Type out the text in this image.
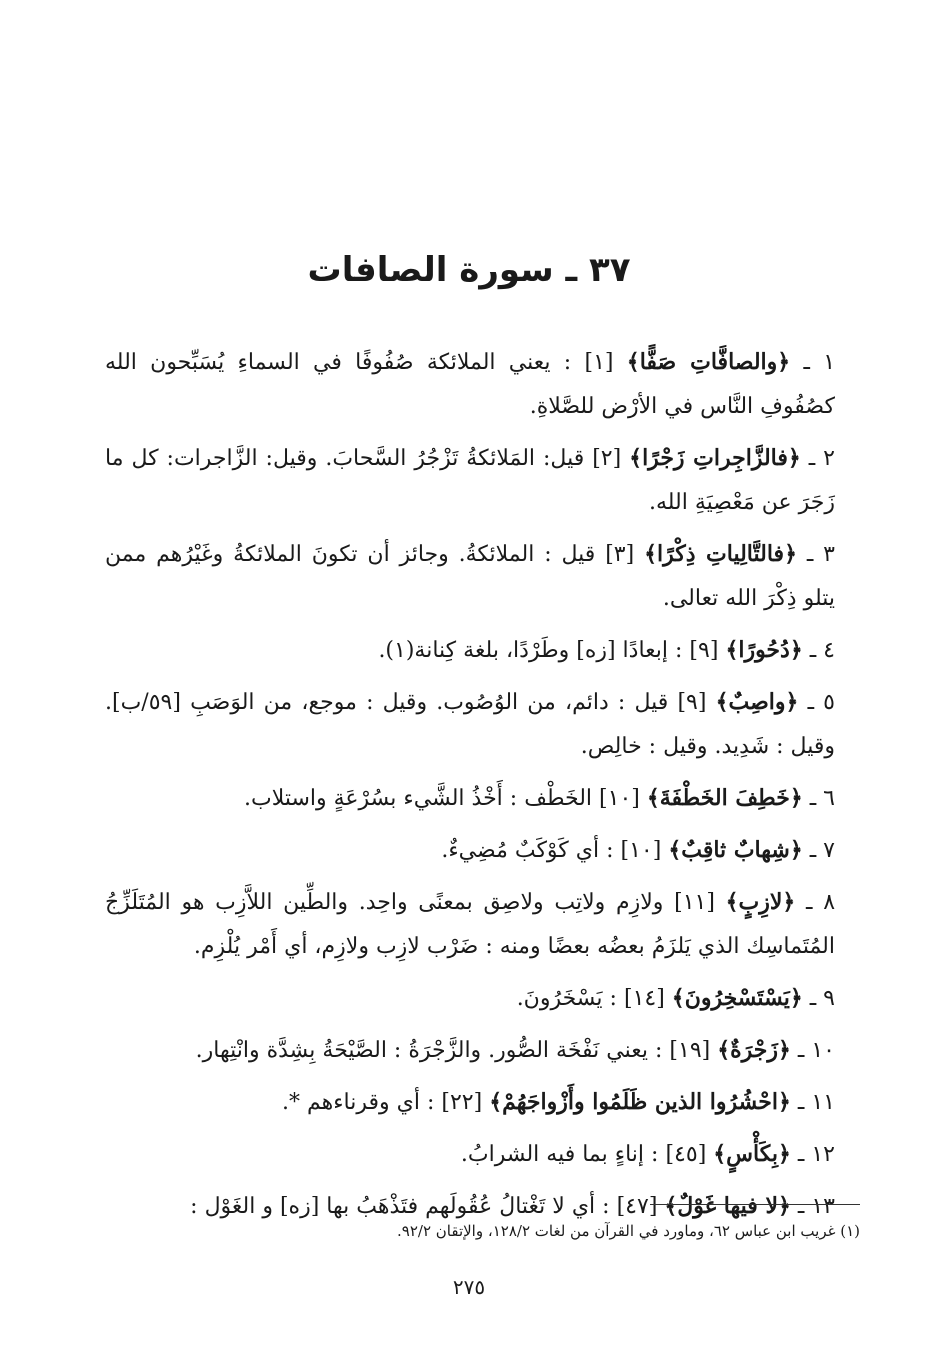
٣٧ ـ سورة الصافات

١ ـ ﴿والصافَّاتِ صَفًّا﴾ [١] : يعني الملائكة صُفُوفًا في السماءِ يُسَبِّحون الله كصُفُوفِ النَّاس في الأرْض للصَّلاةِ.

٢ ـ ﴿فالزَّاجِراتِ زَجْرًا﴾ [٢] قيل: المَلائكةُ تَزْجُرُ السَّحابَ. وقيل: الزَّاجرات: كل ما زَجَرَ عن مَعْصِيَةِ الله.

٣ ـ ﴿فالتَّالِياتِ ذِكْرًا﴾ [٣] قيل : الملائكةُ. وجائز أن تكونَ الملائكةُ وغَيْرُهم ممن يتلو ذِكْرَ الله تعالى.

٤ ـ ﴿دُحُورًا﴾ [٩] : إبعادًا [زه] وطَرْدًا، بلغة كِنانة(١).

٥ ـ ﴿واصِبٌ﴾ [٩] قيل : دائم، من الوُصُوب. وقيل : موجع، من الوَصَبِ [٥٩/ب]. وقيل : شَدِيد. وقيل : خالِص.

٦ ـ ﴿خَطِفَ الخَطْفَةَ﴾ [١٠] الخَطْف : أَخْذُ الشَّيء بسُرْعَةٍ واستلاب.

٧ ـ ﴿شِهابٌ ثاقِبٌ﴾ [١٠] : أي كَوْكَبٌ مُضِيءٌ.

٨ ـ ﴿لازِبٍ﴾ [١١] ولازِم ولاتِب ولاصِق بمعنًى واحِد. والطِّين اللاَّزِب هو المُتَلَزِّجُ المُتَماسِك الذي يَلزَمُ بعضُه بعضًا ومنه : ضَرْب لازِب ولازِم، أي أَمْر يُلْزِم.

٩ ـ ﴿يَسْتَسْخِرُونَ﴾ [١٤] : يَسْخَرُونَ.

١٠ ـ ﴿زَجْرَةٌ﴾ [١٩] : يعني نَفْخَة الصُّور. والزَّجْرَةُ : الصَّيْحَةُ بِشِدَّة وانْتِهار.

١١ ـ ﴿احْشُرُوا الذين ظَلَمُوا وأَزْواجَهُمْ﴾ [٢٢] : أي وقرناءهم *.

١٢ ـ ﴿بِكَأْسٍ﴾ [٤٥] : إناءٍ بما فيه الشرابُ.

١٣ ـ ﴿لا فيها غَوْلٌ﴾ [٤٧] : أي لا تَغْتالُ عُقُولَهم فتَذْهَبُ بها [زه] و الغَوْل :

(١) غريب ابن عباس ٦٢، وماورد في القرآن من لغات ١٢٨/٢، والإتقان ٩٢/٢.
٢٧٥
